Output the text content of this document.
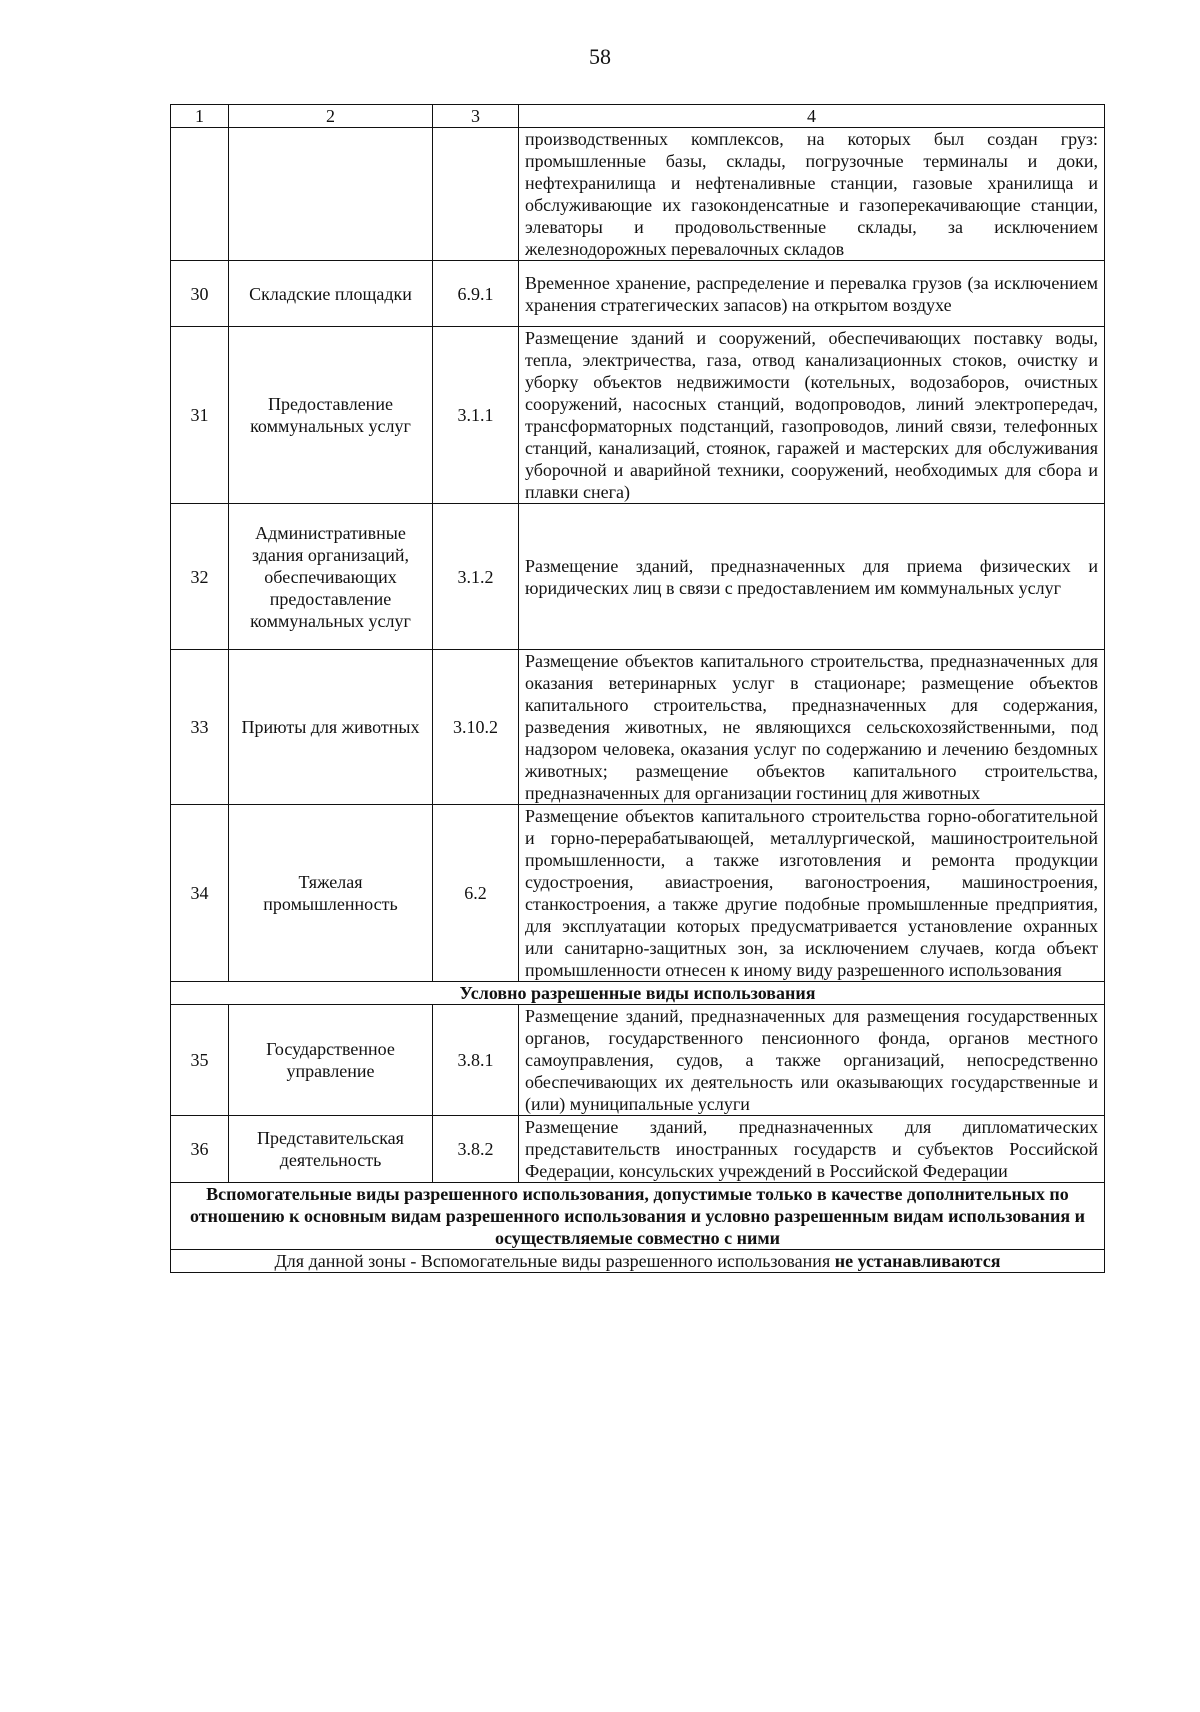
58
1	2	3	4
			производственных комплексов, на которых был создан груз: промышленные базы, склады, погрузочные терминалы и доки, нефтехранилища и нефтеналивные станции, газовые хранилища и обслуживающие их газоконденсатные и газоперекачивающие станции, элеваторы и продовольственные склады, за исключением железнодорожных перевалочных складов
30	Складские площадки	6.9.1	Временное хранение, распределение и перевалка грузов (за исключением хранения стратегических запасов) на открытом воздухе
31	Предоставление коммунальных услуг	3.1.1	Размещение зданий и сооружений, обеспечивающих поставку воды, тепла, электричества, газа, отвод канализационных стоков, очистку и уборку объектов недвижимости (котельных, водозаборов, очистных сооружений, насосных станций, водопроводов, линий электропередач, трансформаторных подстанций, газопроводов, линий связи, телефонных станций, канализаций, стоянок, гаражей и мастерских для обслуживания уборочной и аварийной техники, сооружений, необходимых для сбора и плавки снега)
32	Административные здания организаций, обеспечивающих предоставление коммунальных услуг	3.1.2	Размещение зданий, предназначенных для приема физических и юридических лиц в связи с предоставлением им коммунальных услуг
33	Приюты для животных	3.10.2	Размещение объектов капитального строительства, предназначенных для оказания ветеринарных услуг в стационаре; размещение объектов капитального строительства, предназначенных для содержания, разведения животных, не являющихся сельскохозяйственными, под надзором человека, оказания услуг по содержанию и лечению бездомных животных; размещение объектов капитального строительства, предназначенных для организации гостиниц для животных
34	Тяжелая промышленность	6.2	Размещение объектов капитального строительства горно-обогатительной и горно-перерабатывающей, металлургической, машиностроительной промышленности, а также изготовления и ремонта продукции судостроения, авиастроения, вагоностроения, машиностроения, станкостроения, а также другие подобные промышленные предприятия, для эксплуатации которых предусматривается установление охранных или санитарно-защитных зон, за исключением случаев, когда объект промышленности отнесен к иному виду разрешенного использования
Условно разрешенные виды использования			
35	Государственное управление	3.8.1	Размещение зданий, предназначенных для размещения государственных органов, государственного пенсионного фонда, органов местного самоуправления, судов, а также организаций, непосредственно обеспечивающих их деятельность или оказывающих государственные и (или) муниципальные услуги
36	Представительская деятельность	3.8.2	Размещение зданий, предназначенных для дипломатических представительств иностранных государств и субъектов Российской Федерации, консульских учреждений в Российской Федерации
Вспомогательные виды разрешенного использования, допустимые только в качестве дополнительных по отношению к основным видам разрешенного использования и условно разрешенным видам использования и осуществляемые совместно с ними			
Для данной зоны - Вспомогательные виды разрешенного использования не устанавливаются			
